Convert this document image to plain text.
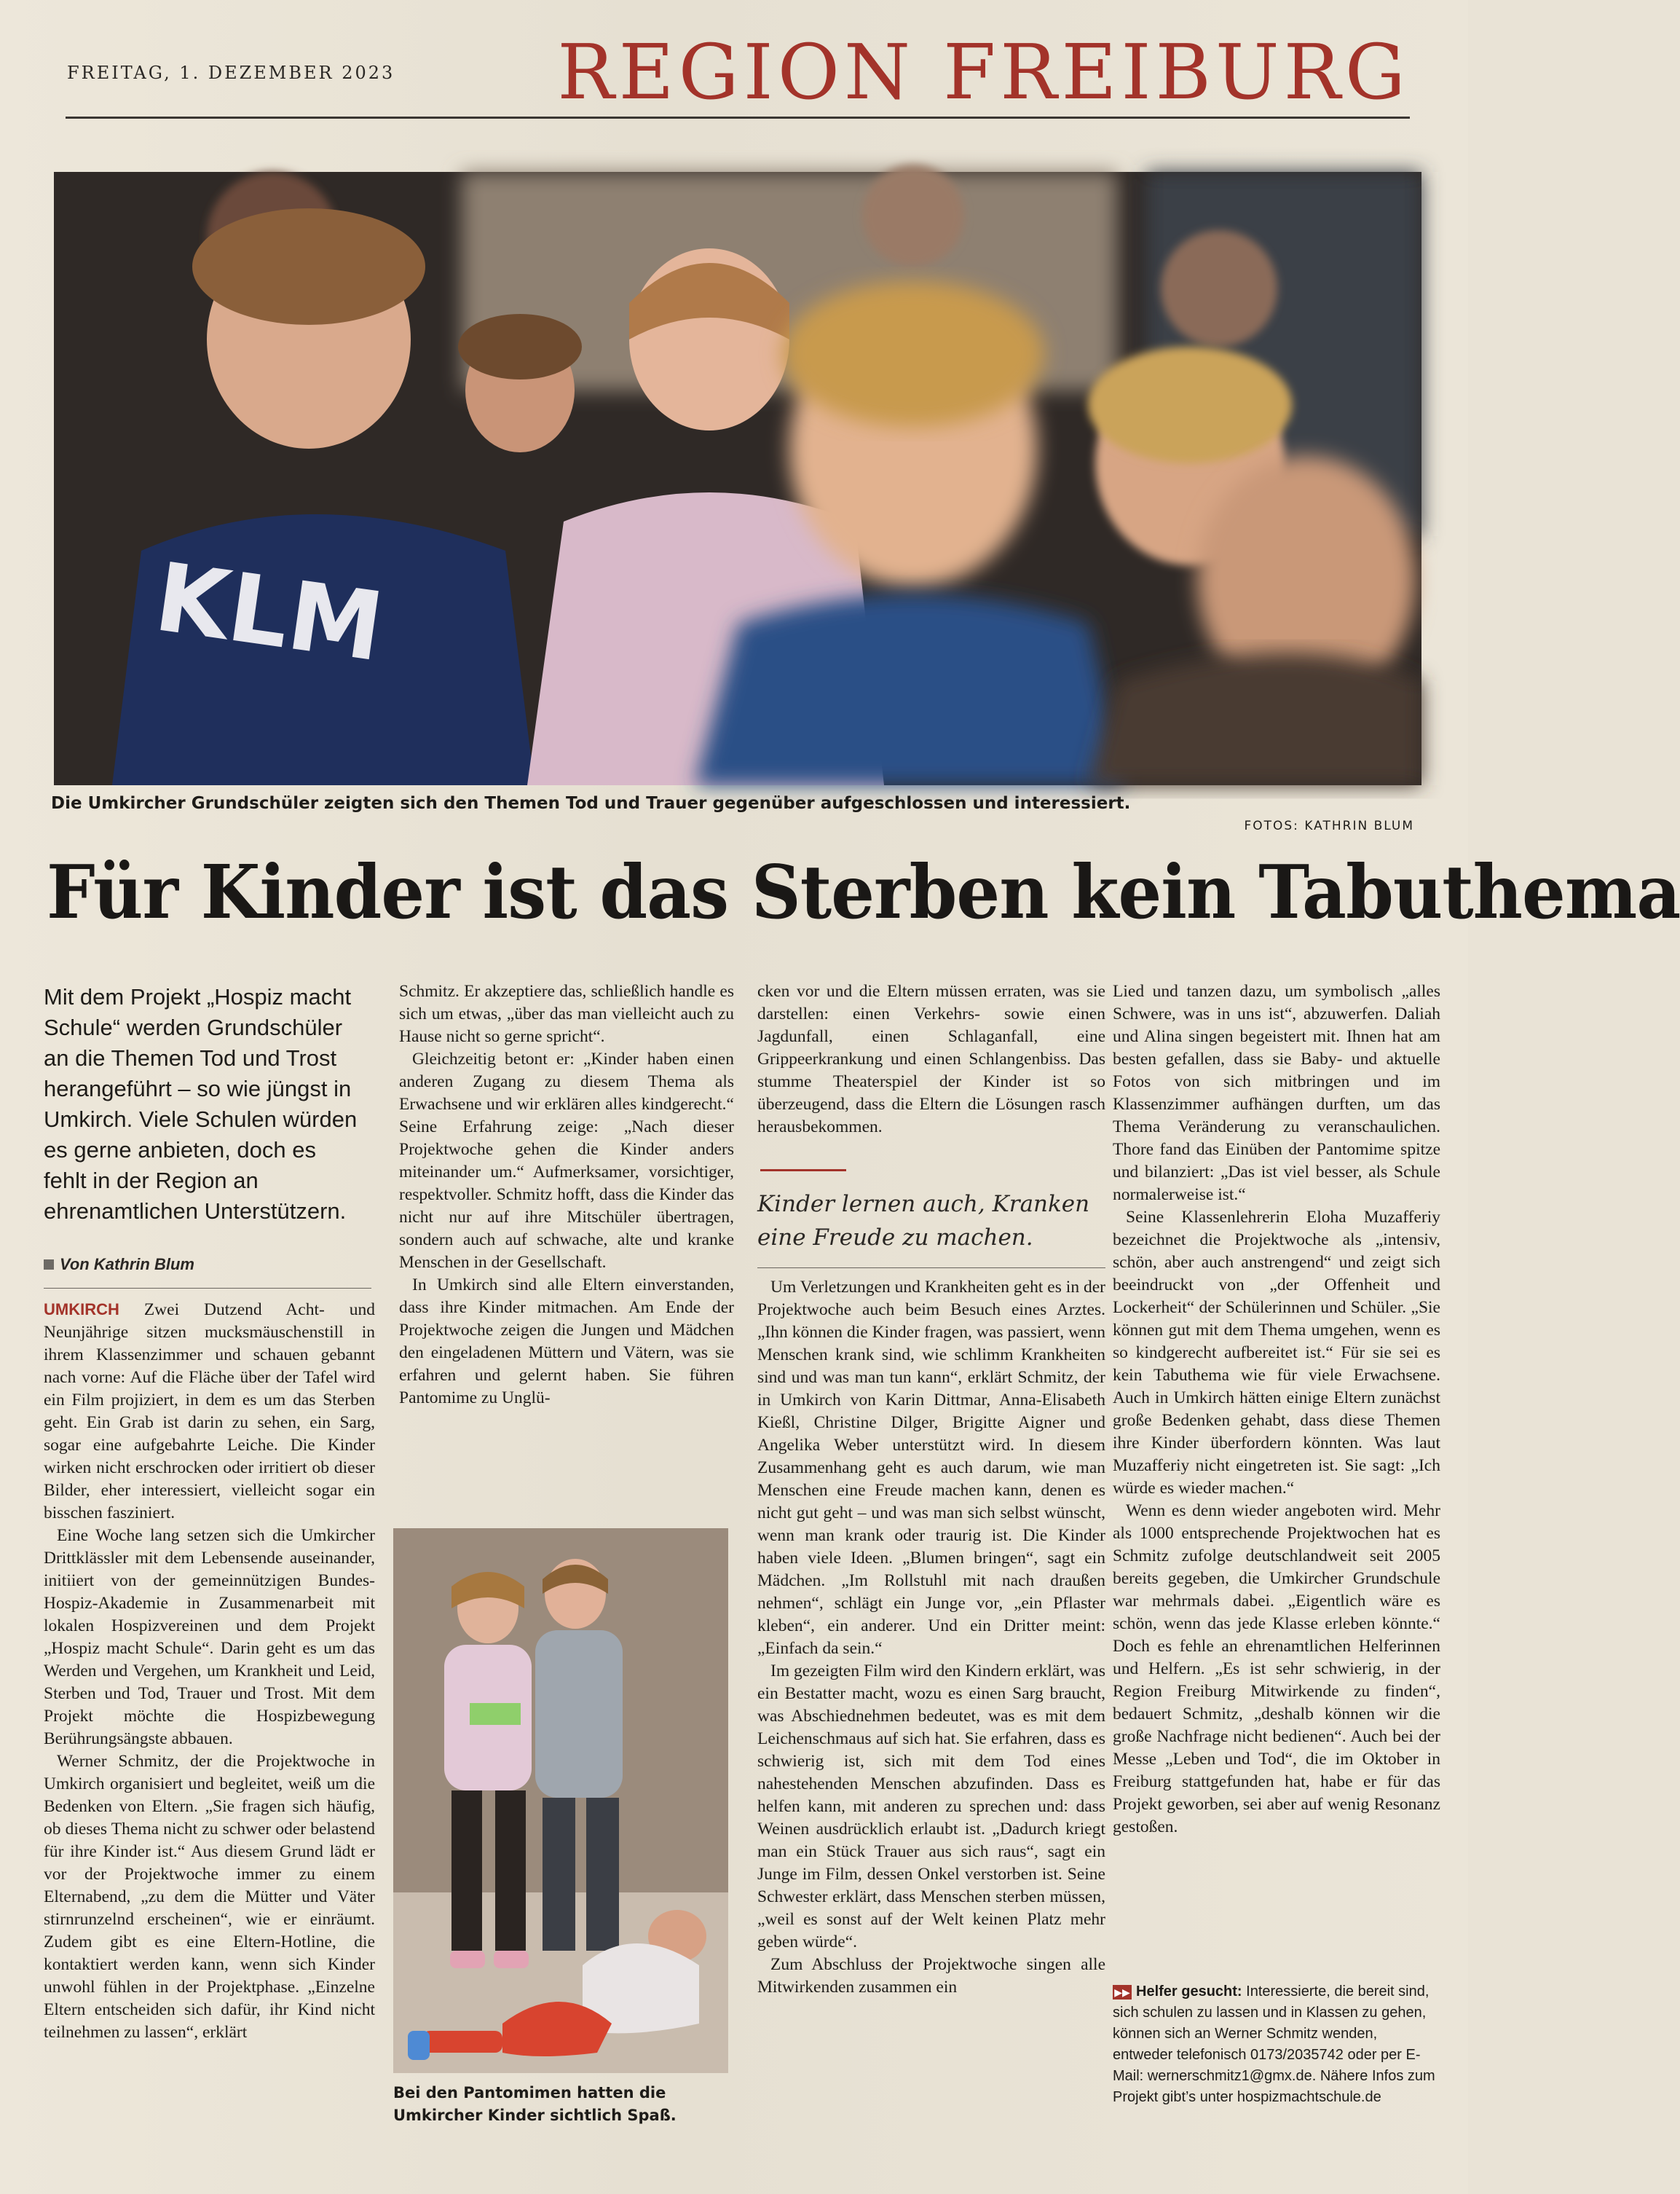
FREITAG, 1. DEZEMBER 2023	REGION FREIBURG
KLM
Die Umkircher Grundschüler zeigten sich den Themen Tod und Trauer gegenüber aufgeschlossen und interessiert.
FOTOS: KATHRIN BLUM
Für Kinder ist das Sterben kein Tabuthema
Mit dem Projekt „Hospiz macht Schule“ werden Grundschüler an die Themen Tod und Trost herangeführt – so wie jüngst in Umkirch. Viele Schulen würden es gerne anbieten, doch es fehlt in der Region an ehrenamtlichen Unterstützern.
Von Kathrin Blum

UMKIRCH Zwei Dutzend Acht- und Neunjährige sitzen mucksmäuschenstill in ihrem Klassenzimmer und schauen gebannt nach vorne: Auf die Fläche über der Tafel wird ein Film projiziert, in dem es um das Sterben geht. Ein Grab ist darin zu sehen, ein Sarg, sogar eine aufgebahrte Leiche. Die Kinder wirken nicht erschrocken oder irritiert ob dieser Bilder, eher interessiert, vielleicht sogar ein bisschen fasziniert.

Eine Woche lang setzen sich die Umkircher Drittklässler mit dem Lebensende auseinander, initiiert von der gemeinnützigen Bundes-Hospiz-Akademie in Zusammenarbeit mit lokalen Hospizvereinen und dem Projekt „Hospiz macht Schule“. Darin geht es um das Werden und Vergehen, um Krankheit und Leid, Sterben und Tod, Trauer und Trost. Mit dem Projekt möchte die Hospizbewegung Berührungsängste abbauen.

Werner Schmitz, der die Projektwoche in Umkirch organisiert und begleitet, weiß um die Bedenken von Eltern. „Sie fragen sich häufig, ob dieses Thema nicht zu schwer oder belastend für ihre Kinder ist.“ Aus diesem Grund lädt er vor der Projektwoche immer zu einem Elternabend, „zu dem die Mütter und Väter stirnrunzelnd erscheinen“, wie er einräumt. Zudem gibt es eine Eltern-Hotline, die kontaktiert werden kann, wenn sich Kinder unwohl fühlen in der Projektphase. „Einzelne Eltern entscheiden sich dafür, ihr Kind nicht teilnehmen zu lassen“, erklärt

Schmitz. Er akzeptiere das, schließlich handle es sich um etwas, „über das man vielleicht auch zu Hause nicht so gerne spricht“.

Gleichzeitig betont er: „Kinder haben einen anderen Zugang zu diesem Thema als Erwachsene und wir erklären alles kindgerecht.“ Seine Erfahrung zeige: „Nach dieser Projektwoche gehen die Kinder anders miteinander um.“ Aufmerksamer, vorsichtiger, respektvoller. Schmitz hofft, dass die Kinder das nicht nur auf ihre Mitschüler übertragen, sondern auch auf schwache, alte und kranke Menschen in der Gesellschaft.

In Umkirch sind alle Eltern einverstanden, dass ihre Kinder mitmachen. Am Ende der Projektwoche zeigen die Jungen und Mädchen den eingeladenen Müttern und Vätern, was sie erfahren und gelernt haben. Sie führen Pantomime zu Unglü-

Bei den Pantomimen hatten die Umkircher Kinder sichtlich Spaß.

cken vor und die Eltern müssen erraten, was sie darstellen: einen Verkehrs- sowie einen Jagdunfall, einen Schlaganfall, eine Grippeerkrankung und einen Schlangenbiss. Das stumme Theaterspiel der Kinder ist so überzeugend, dass die Eltern die Lösungen rasch herausbekommen.

Kinder lernen auch, Kranken eine Freude zu machen.

Um Verletzungen und Krankheiten geht es in der Projektwoche auch beim Besuch eines Arztes. „Ihn können die Kinder fragen, was passiert, wenn Menschen krank sind, wie schlimm Krankheiten sind und was man tun kann“, erklärt Schmitz, der in Umkirch von Karin Dittmar, Anna-Elisabeth Kießl, Christine Dilger, Brigitte Aigner und Angelika Weber unterstützt wird. In diesem Zusammenhang geht es auch darum, wie man Menschen eine Freude machen kann, denen es nicht gut geht – und was man sich selbst wünscht, wenn man krank oder traurig ist. Die Kinder haben viele Ideen. „Blumen bringen“, sagt ein Mädchen. „Im Rollstuhl mit nach draußen nehmen“, schlägt ein Junge vor, „ein Pflaster kleben“, ein anderer. Und ein Dritter meint: „Einfach da sein.“

Im gezeigten Film wird den Kindern erklärt, was ein Bestatter macht, wozu es einen Sarg braucht, was Abschiednehmen bedeutet, was es mit dem Leichenschmaus auf sich hat. Sie erfahren, dass es schwierig ist, sich mit dem Tod eines nahestehenden Menschen abzufinden. Dass es helfen kann, mit anderen zu sprechen und: dass Weinen ausdrücklich erlaubt ist. „Dadurch kriegt man ein Stück Trauer aus sich raus“, sagt ein Junge im Film, dessen Onkel verstorben ist. Seine Schwester erklärt, dass Menschen sterben müssen, „weil es sonst auf der Welt keinen Platz mehr geben würde“.

Zum Abschluss der Projektwoche singen alle Mitwirkenden zusammen ein

Lied und tanzen dazu, um symbolisch „alles Schwere, was in uns ist“, abzuwerfen. Daliah und Alina singen begeistert mit. Ihnen hat am besten gefallen, dass sie Baby- und aktuelle Fotos von sich mitbringen und im Klassenzimmer aufhängen durften, um das Thema Veränderung zu veranschaulichen. Thore fand das Einüben der Pantomime spitze und bilanziert: „Das ist viel besser, als Schule normalerweise ist.“

Seine Klassenlehrerin Eloha Muzafferiy bezeichnet die Projektwoche als „intensiv, schön, aber auch anstrengend“ und zeigt sich beeindruckt von „der Offenheit und Lockerheit“ der Schülerinnen und Schüler. „Sie können gut mit dem Thema umgehen, wenn es so kindgerecht aufbereitet ist.“ Für sie sei es kein Tabuthema wie für viele Erwachsene. Auch in Umkirch hätten einige Eltern zunächst große Bedenken gehabt, dass diese Themen ihre Kinder überfordern könnten. Was laut Muzafferiy nicht eingetreten ist. Sie sagt: „Ich würde es wieder machen.“

Wenn es denn wieder angeboten wird. Mehr als 1000 entsprechende Projektwochen hat es Schmitz zufolge deutschlandweit seit 2005 bereits gegeben, die Umkircher Grundschule war mehrmals dabei. „Eigentlich wäre es schön, wenn das jede Klasse erleben könnte.“ Doch es fehle an ehrenamtlichen Helferinnen und Helfern. „Es ist sehr schwierig, in der Region Freiburg Mitwirkende zu finden“, bedauert Schmitz, „deshalb können wir die große Nachfrage nicht bedienen“. Auch bei der Messe „Leben und Tod“, die im Oktober in Freiburg stattgefunden hat, habe er für das Projekt geworben, sei aber auf wenig Resonanz gestoßen.

▶▶ Helfer gesucht: Interessierte, die bereit sind, sich schulen zu lassen und in Klassen zu gehen, können sich an Werner Schmitz wenden, entweder telefonisch 0173/2035742 oder per E-Mail: wernerschmitz1@gmx.de. Nähere Infos zum Projekt gibt’s unter hospizmachtschule.de
